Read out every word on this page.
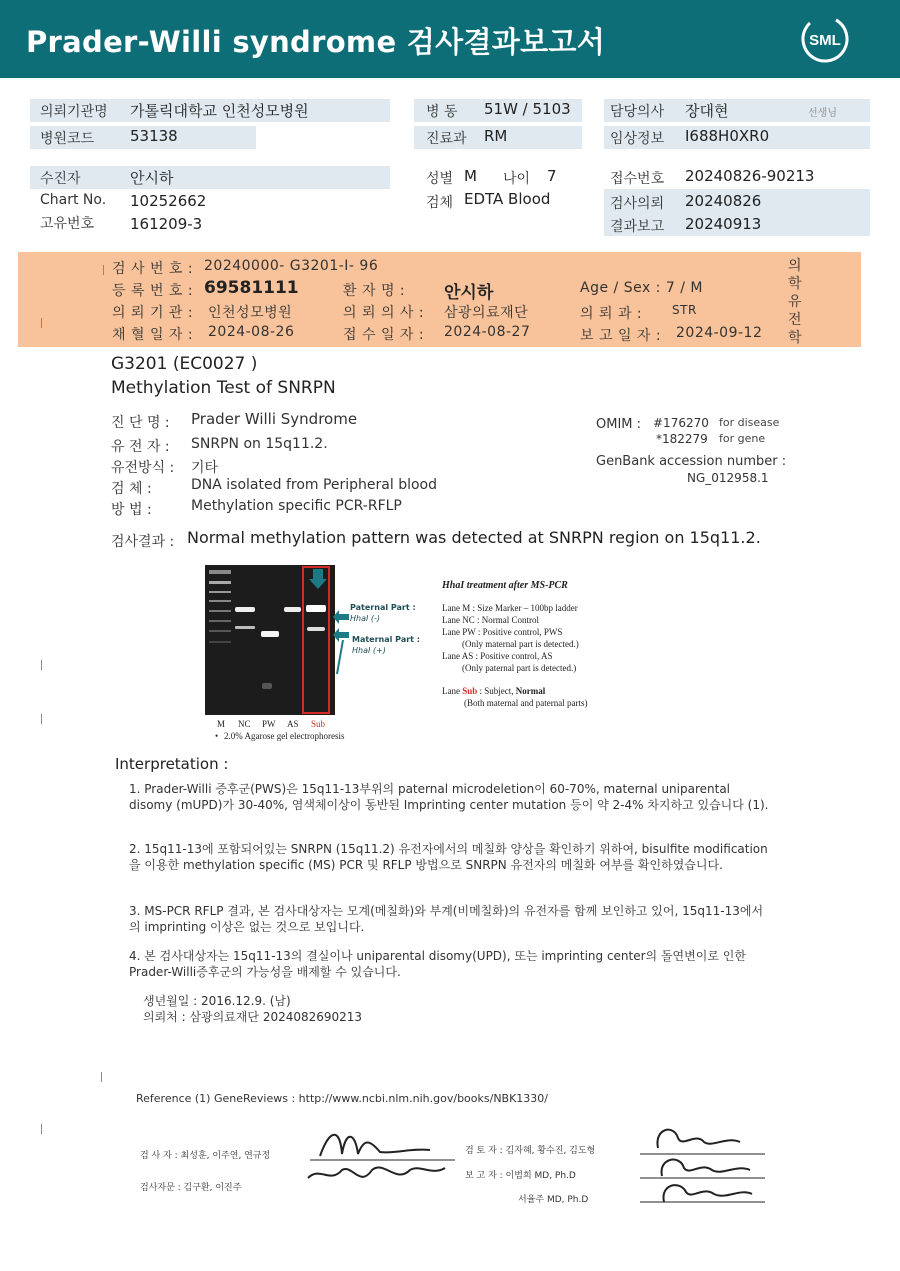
Prader-Willi syndrome 검사결과보고서	SML
의뢰기관명 가톨릭대학교 인천성모병원
병원코드 53138
병 동 51W / 5103
진료과 RM
담당의사 장대현	선생님
임상정보 I688H0XR0
수진자	안시하
Chart No. 10252662
고유번호 161209-3
성별 M 나이 7
검체 EDTA Blood
접수번호 20240826-90213
검사의뢰 20240826
결과보고 20240913
검 사 번 호 : 20240000- G3201-I- 96
등 록 번 호 : 69581111	환 자 명 : 안시하	Age / Sex : 7 / M
의 뢰 기 관 : 인천성모병원	의 뢰 의 사 : 삼광의료재단	의 뢰 과 : STR
채 혈 일 자 : 2024-08-26	접 수 일 자 : 2024-08-27	보 고 일 자 : 2024-09-12
의
학
유
전
학
G3201 (EC0027 )
Methylation Test of SNRPN
진 단 명 : Prader Willi Syndrome
유 전 자 : SNRPN on 15q11.2.
유전방식 : 기타
검 체 :	DNA isolated from Peripheral blood
방 법 :	Methylation specific PCR-RFLP
OMIM : #176270 for disease
*182279 for gene
GenBank accession number :
NG_012958.1
검사결과 : Normal methylation pattern was detected at SNRPN region on 15q11.2.
M NC PW AS Sub
• 2.0% Agarose gel electrophoresis
Paternal Part :
HhaI (-)
Maternal Part :
HhaI (+)
HhaI treatment after MS-PCR
Lane M : Size Marker – 100bp ladder
Lane NC : Normal Control
Lane PW : Positive control, PWS
(Only maternal part is detected.)
Lane AS : Positive control, AS
(Only paternal part is detected.)
Lane Sub : Subject, Normal
(Both maternal and paternal parts)
Interpretation :
1. Prader-Willi 증후군(PWS)은 15q11-13부위의 paternal microdeletion이 60-70%, maternal uniparental disomy (mUPD)가 30-40%, 염색체이상이 동반된 Imprinting center mutation 등이 약 2-4% 차지하고 있습니다 (1).
2. 15q11-13에 포함되어있는 SNRPN (15q11.2) 유전자에서의 메칠화 양상을 확인하기 위하여, bisulfite modification을 이용한 methylation specific (MS) PCR 및 RFLP 방법으로 SNRPN 유전자의 메칠화 여부를 확인하였습니다.
3. MS-PCR RFLP 결과, 본 검사대상자는 모계(메칠화)와 부계(비메칠화)의 유전자를 함께 보인하고 있어, 15q11-13에서의 imprinting 이상은 없는 것으로 보입니다.
4. 본 검사대상자는 15q11-13의 결실이나 uniparental disomy(UPD), 또는 imprinting center의 돌연변이로 인한 Prader-Willi증후군의 가능성을 배제할 수 있습니다.
생년월일 : 2016.12.9. (남)
의뢰처 : 삼광의료재단 2024082690213
Reference (1) GeneReviews : http://www.ncbi.nlm.nih.gov/books/NBK1330/
검 사 자 : 최성훈, 이주연, 연규정
검사자문 : 김구환, 이진주
검 토 자 : 김자혜, 황수진, 김도형
보 고 자 : 이범희 MD, Ph.D
서율주 MD, Ph.D
